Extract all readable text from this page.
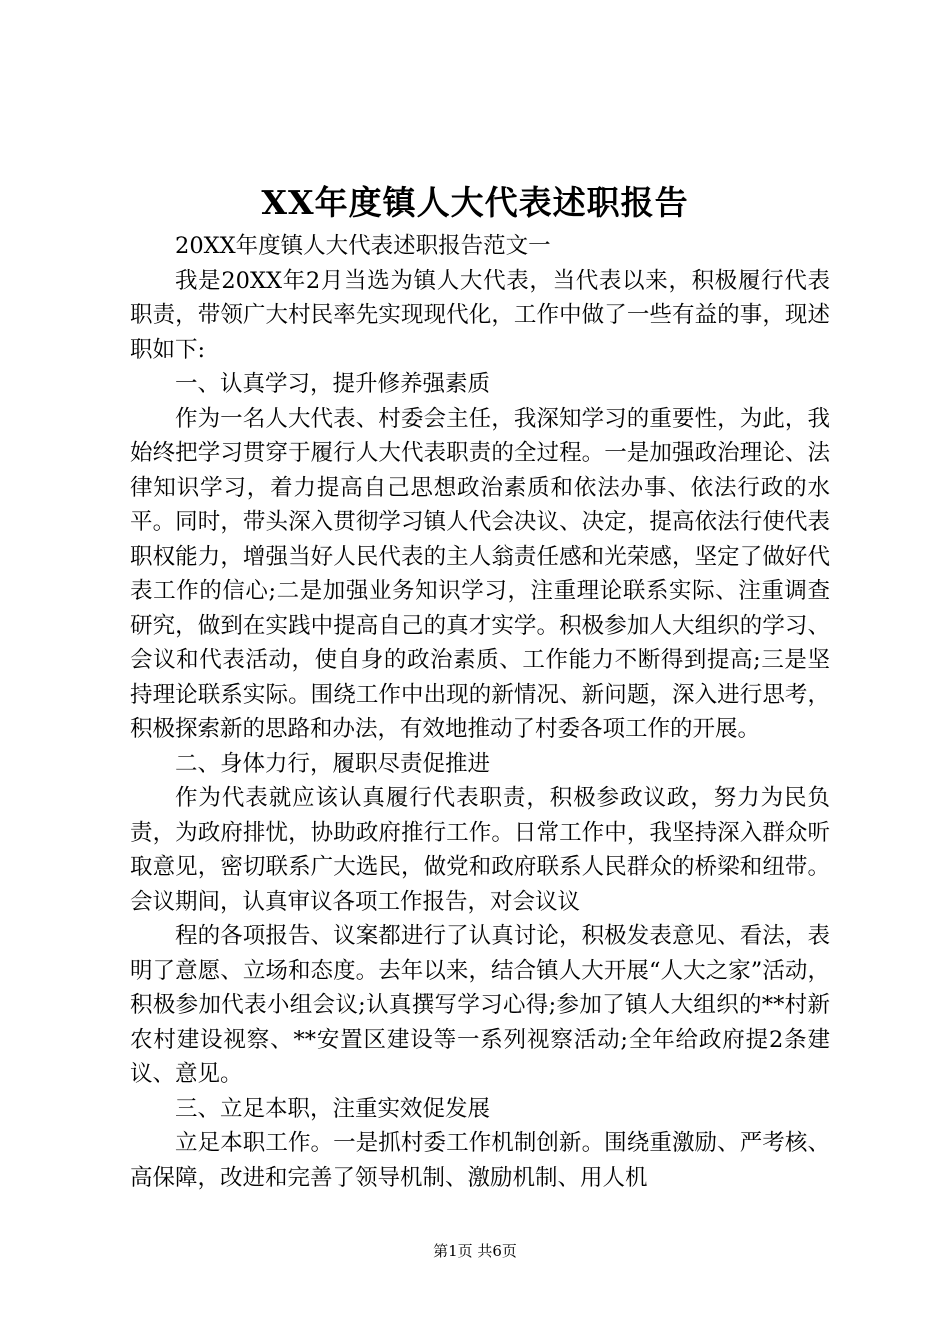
XX年度镇人大代表述职报告

20XX年度镇人大代表述职报告范文一

我是20XX年2月当选为镇人大代表，当代表以来，积极履行代表职责，带领广大村民率先实现现代化，工作中做了一些有益的事，现述职如下:

一、认真学习，提升修养强素质

作为一名人大代表、村委会主任，我深知学习的重要性，为此，我始终把学习贯穿于履行人大代表职责的全过程。一是加强政治理论、法律知识学习，着力提高自己思想政治素质和依法办事、依法行政的水平。同时，带头深入贯彻学习镇人代会决议、决定，提高依法行使代表职权能力，增强当好人民代表的主人翁责任感和光荣感，坚定了做好代表工作的信心;二是加强业务知识学习，注重理论联系实际、注重调查研究，做到在实践中提高自己的真才实学。积极参加人大组织的学习、会议和代表活动，使自身的政治素质、工作能力不断得到提高;三是坚持理论联系实际。围绕工作中出现的新情况、新问题，深入进行思考，积极探索新的思路和办法，有效地推动了村委各项工作的开展。

二、身体力行，履职尽责促推进

作为代表就应该认真履行代表职责，积极参政议政，努力为民负责，为政府排忧，协助政府推行工作。日常工作中，我坚持深入群众听取意见，密切联系广大选民，做党和政府联系人民群众的桥梁和纽带。会议期间，认真审议各项工作报告，对会议议

程的各项报告、议案都进行了认真讨论，积极发表意见、看法，表明了意愿、立场和态度。去年以来，结合镇人大开展“人大之家”活动，积极参加代表小组会议;认真撰写学习心得;参加了镇人大组织的**村新农村建设视察、**安置区建设等一系列视察活动;全年给政府提2条建议、意见。

三、立足本职，注重实效促发展

立足本职工作。一是抓村委工作机制创新。围绕重激励、严考核、高保障，改进和完善了领导机制、激励机制、用人机

第1页 共6页
